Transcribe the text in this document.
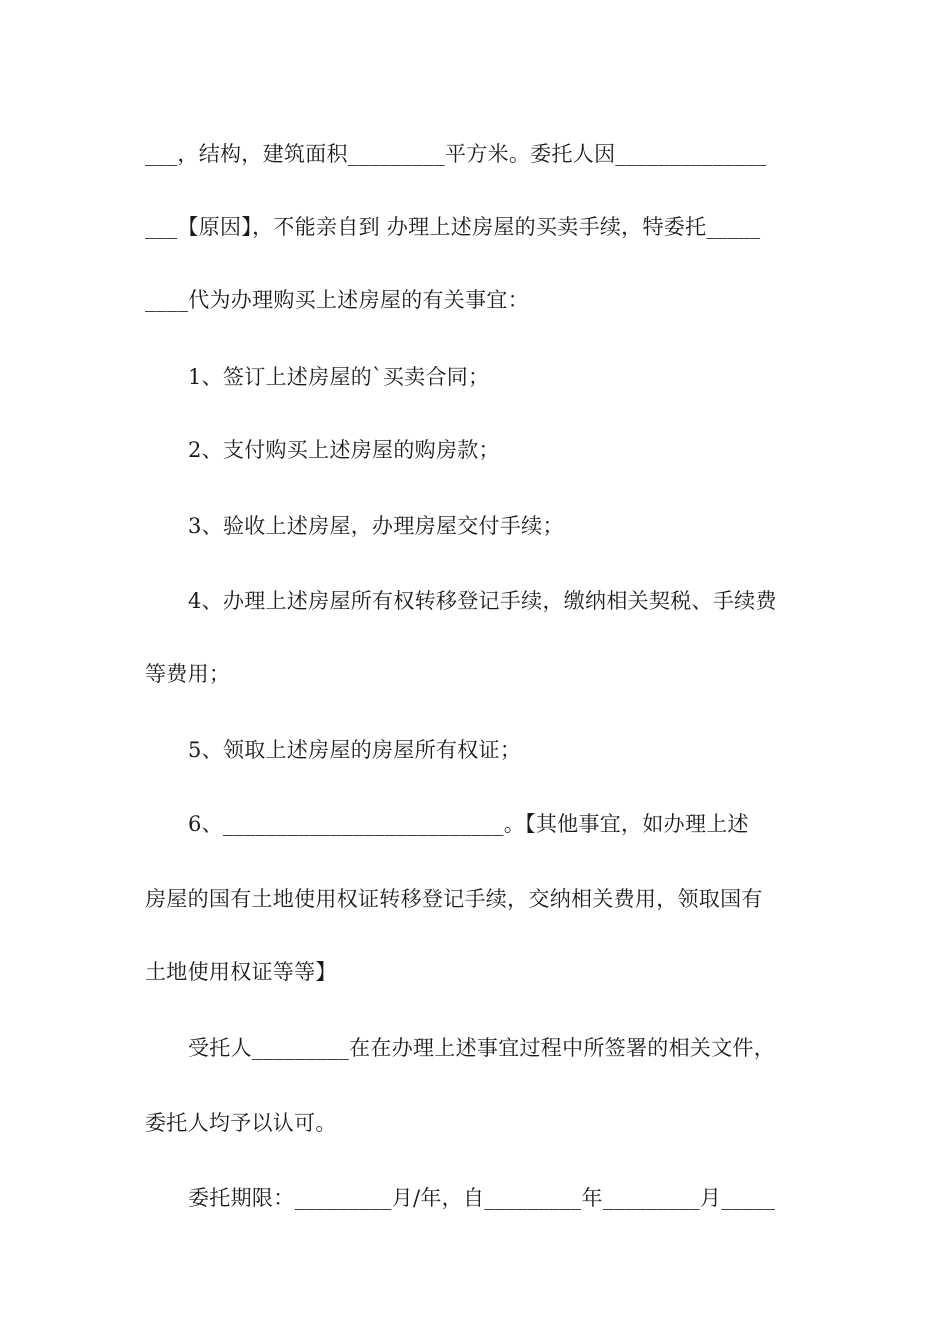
___，结构，建筑面积_________平方米。委托人因______________
___【原因】，不能亲自到 办理上述房屋的买卖手续，特委托_____
____代为办理购买上述房屋的有关事宜：
1、签订上述房屋的`买卖合同；
2、支付购买上述房屋的购房款；
3、验收上述房屋，办理房屋交付手续；
4、办理上述房屋所有权转移登记手续，缴纳相关契税、手续费
等费用；
5、领取上述房屋的房屋所有权证；
6、__________________________。【其他事宜，如办理上述
房屋的国有土地使用权证转移登记手续，交纳相关费用，领取国有
土地使用权证等等】
受托人_________在在办理上述事宜过程中所签署的相关文件，
委托人均予以认可。
委托期限：_________月/年，自_________年_________月_____
